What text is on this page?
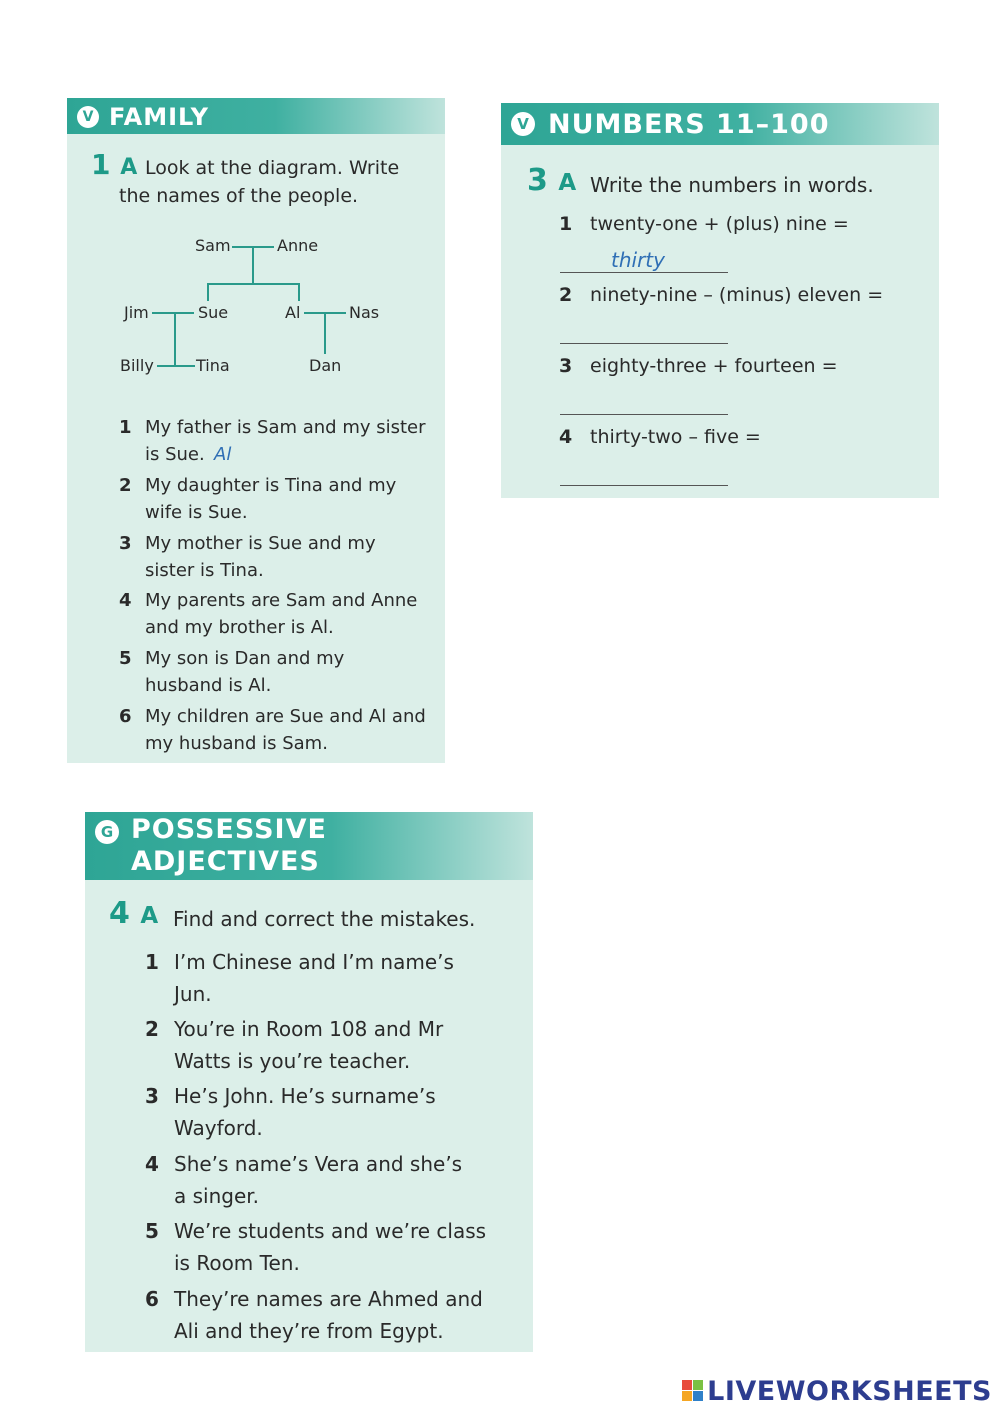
V FAMILY
1 A Look at the diagram. Write
the names of the people.
Sam	Anne
Jim	Sue	Al	Nas
Billy	Tina	Dan
1 My father is Sam and my sister
is Sue. Al
2 My daughter is Tina and my
wife is Sue.
3 My mother is Sue and my
sister is Tina.
4 My parents are Sam and Anne
and my brother is Al.
5 My son is Dan and my
husband is Al.
6 My children are Sue and Al and
my husband is Sam.
V NUMBERS 11–100
3 A Write the numbers in words.
1 twenty-one + (plus) nine =
thirty
2 ninety-nine – (minus) eleven =
3 eighty-three + fourteen =
4 thirty-two – five =
G POSSESSIVE
ADJECTIVES
4 A Find and correct the mistakes.
1 I’m Chinese and I’m name’s
Jun.
2 You’re in Room 108 and Mr
Watts is you’re teacher.
3 He’s John. He’s surname’s
Wayford.
4 She’s name’s Vera and she’s
a singer.
5 We’re students and we’re class
is Room Ten.
6 They’re names are Ahmed and
Ali and they’re from Egypt.
LIVEWORKSHEETS
